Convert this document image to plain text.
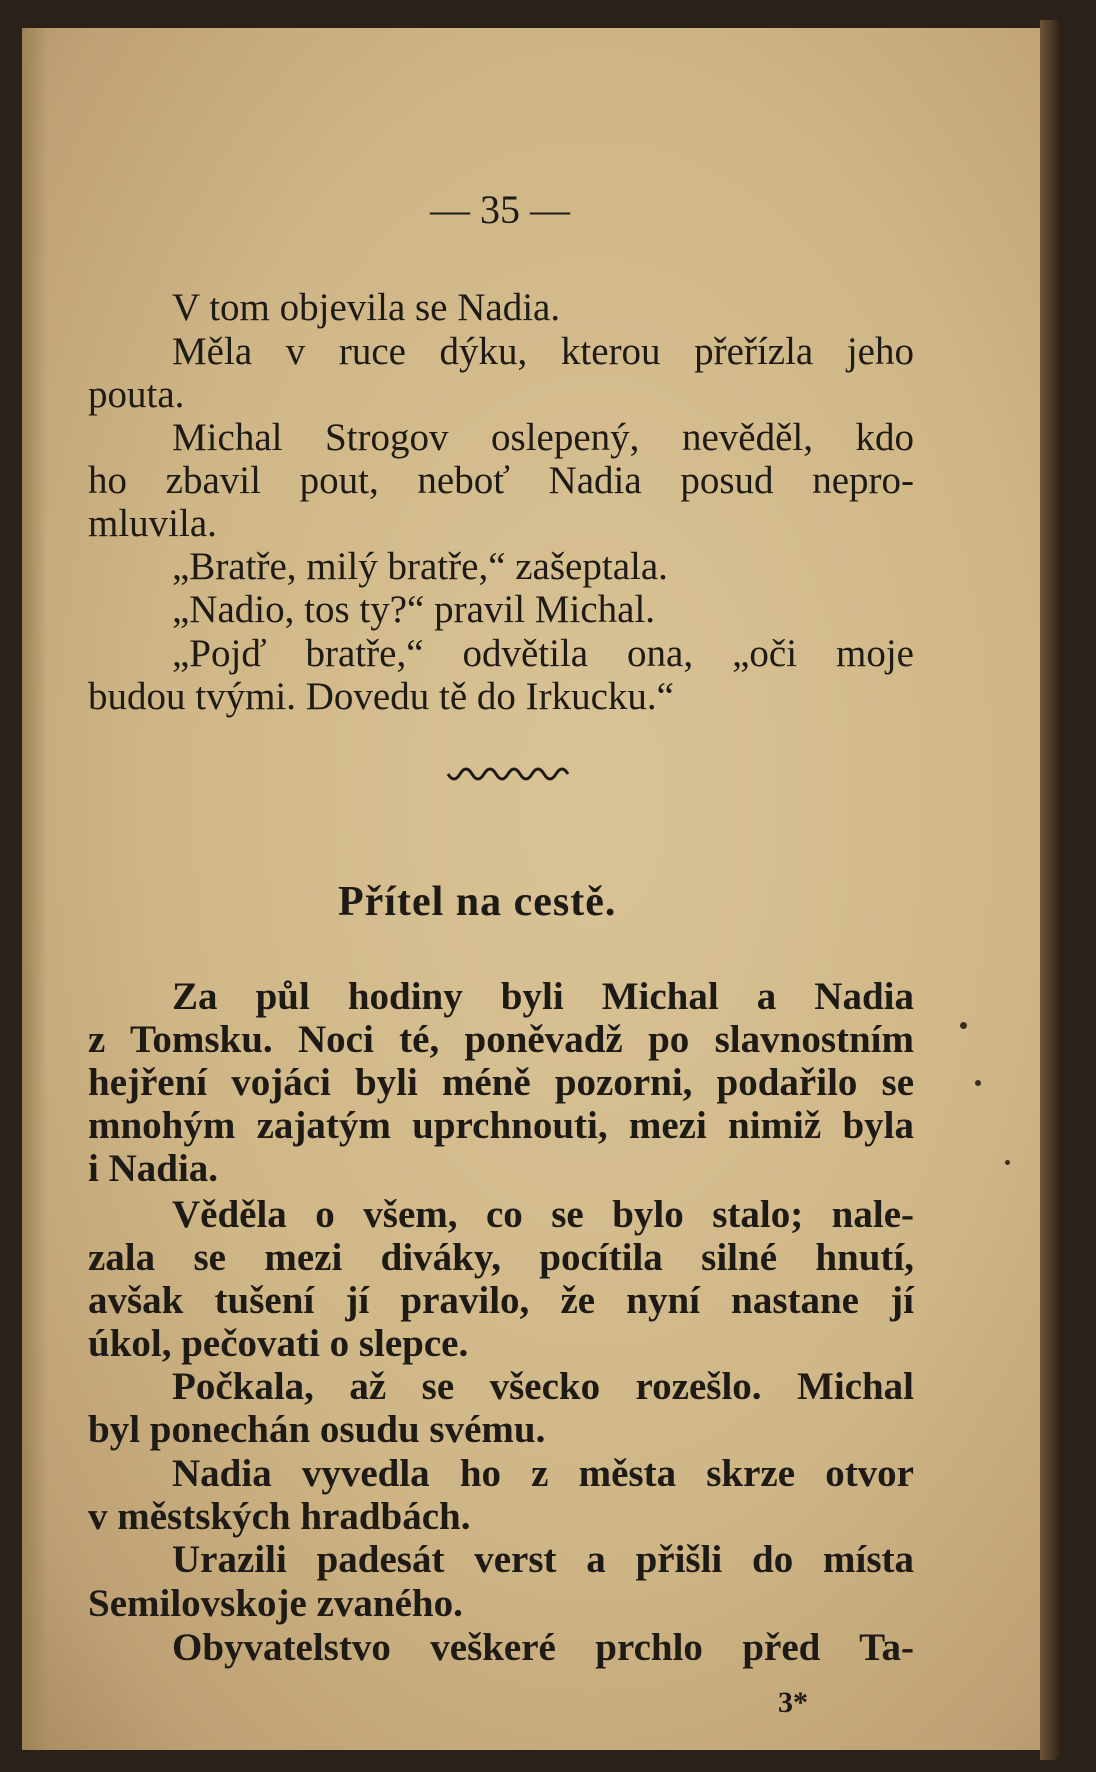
— 35 —
V tom objevila se Nadia.
Měla v ruce dýku, kterou přeřízla jeho
pouta.
Michal Strogov oslepený, nevěděl, kdo
ho zbavil pout, neboť Nadia posud nepro-
mluvila.
„Bratře, milý bratře,“ zašeptala.
„Nadio, tos ty?“ pravil Michal.
„Pojď bratře,“ odvětila ona, „oči moje
budou tvými. Dovedu tě do Irkucku.“
Přítel na cestě.
Za půl hodiny byli Michal a Nadia
z Tomsku. Noci té, poněvadž po slavnostním
hejření vojáci byli méně pozorni, podařilo se
mnohým zajatým uprchnouti, mezi nimiž byla
i Nadia.
Věděla o všem, co se bylo stalo; nale-
zala se mezi diváky, pocítila silné hnutí,
avšak tušení jí pravilo, že nyní nastane jí
úkol, pečovati o slepce.
Počkala, až se všecko rozešlo. Michal
byl ponechán osudu svému.
Nadia vyvedla ho z města skrze otvor
v městských hradbách.
Urazili padesát verst a přišli do místa
Semilovskoje zvaného.
Obyvatelstvo veškeré prchlo před Ta-
3*
